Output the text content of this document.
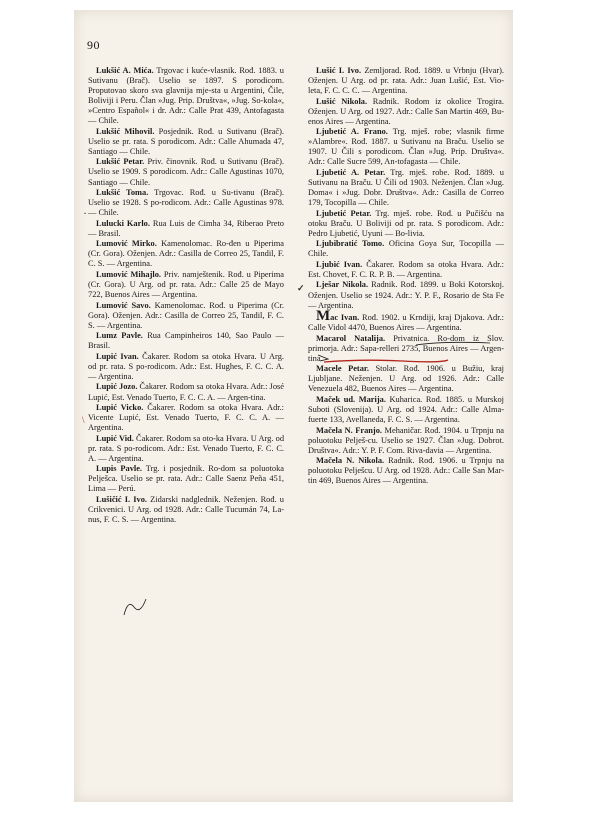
90

Lukšić A. Mića. Trgovac i kuće-vlasnik. Rođ. 1883. u Sutivanu (Brač). Uselio se 1897. S porodicom. Proputovao skoro sva glavnija mje-sta u Argentini, Čile, Boliviji i Peru. Član »Jug. Prip. Društva«, »Jug. So-kola«, »Centro Español« i dr. Adr.: Calle Prat 439, Antofagasta — Chile.

Lukšić Mihovil. Posjednik. Rođ. u Sutivanu (Brač). Uselio se pr. rata. S porodicom. Adr.: Calle Ahumada 47, Santiago — Chile.

Lukšić Petar. Priv. činovnik. Rođ. u Sutivanu (Brač). Uselio se 1909. S porodicom. Adr.: Calle Agustinas 1070, Santiago — Chile.

Lukšić Toma. Trgovac. Rođ. u Su-tivanu (Brač). Uselio se 1928. S po-rodicom. Adr.: Calle Agustinas 978. — Chile.

Lulucki Karlo. Rua Luis de Cimha 34, Riberao Preto — Brasil.

Lumović Mirko. Kamenolomac. Ro-đen u Piperima (Cr. Gora). Oženjen. Adr.: Casilla de Correo 25, Tandil, F. C. S. — Argentina.

Lumović Mihajlo. Priv. namještenik. Rođ. u Piperima (Cr. Gora). U Arg. od pr. rata. Adr.: Calle 25 de Mayo 722, Buenos Aires — Argentina.

Lumović Savo. Kamenolomac. Rođ. u Piperima (Cr. Gora). Oženjen. Adr.: Casilla de Correo 25, Tandil, F. C. S. — Argentina.

Lumz Pavle. Rua Campinheiros 140, Sao Paulo — Brasil.

Lupić Ivan. Čakarer. Rodom sa otoka Hvara. U Arg. od pr. rata. S po-rodicom. Adr.: Est. Hughes, F. C. C. A. — Argentina.

Lupić Jozo. Čakarer. Rodom sa otoka Hvara. Adr.: José Lupić, Est. Venado Tuerto, F. C. C. A. — Argen-tina.

Lupić Vicko. Čakarer. Rodom sa otoka Hvara. Adr.: Vicente Lupić, Est. Venado Tuerto, F. C. C. A. — Argentina.

Lupić Vid. Čakarer. Rodom sa oto-ka Hvara. U Arg. od pr. rata. S po-rodicom. Adr.: Est. Venado Tuerto, F. C. C. A. — Argentina.

Lupis Pavle. Trg. i posjednik. Ro-dom sa poluotoka Pelješca. Uselio se pr. rata. Adr.: Calle Saenz Peña 451, Lima — Perú.

Lušičić I. Ivo. Zidarski nadglednik. Neženjen. Rođ. u Crikvenici. U Arg. od 1928. Adr.: Calle Tucumán 74, La-nus, F. C. S. — Argentina.

Lušić I. Ivo. Zemljorad. Rođ. 1889. u Vrbnju (Hvar). Oženjen. U Arg. od pr. rata. Adr.: Juan Lušić, Est. Vio-leta, F. C. C. C. — Argentina.

Lušić Nikola. Radnik. Rodom iz okolice Trogira. Oženjen. U Arg. od 1927. Adr.: Calle San Martin 469, Bu-enos Aires — Argentina.

Ljubetić A. Frano. Trg. mješ. robe; vlasnik firme »Alambre«. Rođ. 1887. u Sutivanu na Braču. Uselio se 1907. U Čili s porodicom. Član »Jug. Prip. Društva«. Adr.: Calle Sucre 599, An-tofagasta — Chile.

Ljubetić A. Petar. Trg. mješ. robe. Rođ. 1889. u Sutivanu na Braču. U Čili od 1903. Neženjen. Član »Jug. Doma« i »Jug. Dobr. Društva«. Adr.: Casilla de Correo 179, Tocopilla — Chile.

Ljubetić Petar. Trg. mješ. robe. Rođ. u Pučišću na otoku Braču. U Boliviji od pr. rata. S porodicom. Adr.: Pedro Ljubetić, Uyuni — Bo-livia.

Ljubibratić Tomo. Oficina Goya Sur, Tocopilla — Chile.

Ljubić Ivan. Čakarer. Rodom sa otoka Hvara. Adr.: Est. Chovet, F. C. R. P. B. — Argentina.

Lješar Nikola. Radnik. Rođ. 1899. u Boki Kotorskoj. Oženjen. Uselio se 1924. Adr.: Y. P. F., Rosario de Sta Fe — Argentina.

Mac Ivan. Rođ. 1902. u Krndiji, kraj Djakova. Adr.: Calle Vidol 4470, Buenos Aires — Argentina.

Macarol Natalija. Privatnica. Ro-dom iz Slov. primorja. Adr.: Sapa-relleri 2735, Buenos Aires — Argen-tina.

Macele Petar. Stolar. Rođ. 1906. u Bužiu, kraj Ljubljane. Neženjen. U Arg. od 1926. Adr.: Calle Venezuela 482, Buenos Aires — Argentina.

Maček ud. Marija. Kuharica. Rođ. 1885. u Murskoj Suboti (Slovenija). U Arg. od 1924. Adr.: Calle Alma-fuerte 133, Avellaneda, F. C. S. — Argentina.

Mačela N. Franjo. Mehaničar. Rođ. 1904. u Trpnju na poluotoku Pelješ-cu. Uselio se 1927. Član »Jug. Dobrot. Društva«. Adr.: Y. P. F. Com. Riva-davia — Argentina.

Mačela N. Nikola. Radnik. Rođ. 1906. u Trpnju na poluotoku Pelješcu. U Arg. od 1928. Adr.: Calle San Mar-tin 469, Buenos Aires — Argentina.

✓
·
\
